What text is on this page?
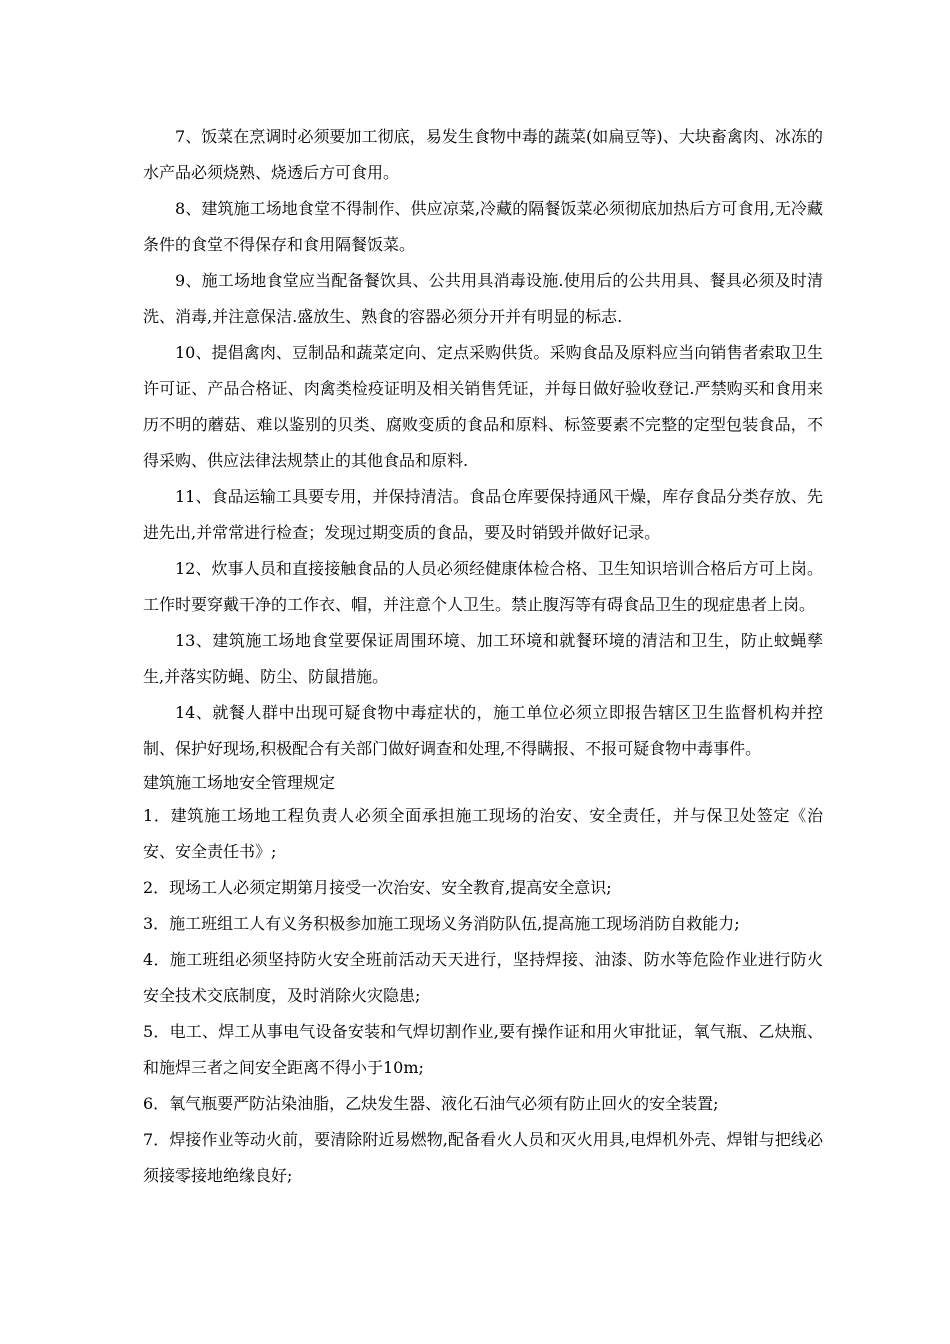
7、饭菜在烹调时必须要加工彻底，易发生食物中毒的蔬菜(如扁豆等)、大块畜禽肉、冰冻的水产品必须烧熟、烧透后方可食用。

8、建筑施工场地食堂不得制作、供应凉菜,冷藏的隔餐饭菜必须彻底加热后方可食用,无冷藏条件的食堂不得保存和食用隔餐饭菜。

9、施工场地食堂应当配备餐饮具、公共用具消毒设施.使用后的公共用具、餐具必须及时清洗、消毒,并注意保洁.盛放生、熟食的容器必须分开并有明显的标志.

10、提倡禽肉、豆制品和蔬菜定向、定点采购供货。采购食品及原料应当向销售者索取卫生许可证、产品合格证、肉禽类检疫证明及相关销售凭证，并每日做好验收登记.严禁购买和食用来历不明的蘑菇、难以鉴别的贝类、腐败变质的食品和原料、标签要素不完整的定型包装食品，不得采购、供应法律法规禁止的其他食品和原料.

11、食品运输工具要专用，并保持清洁。食品仓库要保持通风干燥，库存食品分类存放、先进先出,并常常进行检查；发现过期变质的食品，要及时销毁并做好记录。

12、炊事人员和直接接触食品的人员必须经健康体检合格、卫生知识培训合格后方可上岗。工作时要穿戴干净的工作衣、帽，并注意个人卫生。禁止腹泻等有碍食品卫生的现症患者上岗。

13、建筑施工场地食堂要保证周围环境、加工环境和就餐环境的清洁和卫生，防止蚊蝇孳生,并落实防蝇、防尘、防鼠措施。

14、就餐人群中出现可疑食物中毒症状的，施工单位必须立即报告辖区卫生监督机构并控制、保护好现场,积极配合有关部门做好调查和处理,不得瞒报、不报可疑食物中毒事件。

建筑施工场地安全管理规定

1．建筑施工场地工程负责人必须全面承担施工现场的治安、安全责任，并与保卫处签定《治安、安全责任书》;

2．现场工人必须定期第月接受一次治安、安全教育,提高安全意识;

3．施工班组工人有义务积极参加施工现场义务消防队伍,提高施工现场消防自救能力;

4．施工班组必须坚持防火安全班前活动天天进行，坚持焊接、油漆、防水等危险作业进行防火安全技术交底制度，及时消除火灾隐患;

5．电工、焊工从事电气设备安装和气焊切割作业,要有操作证和用火审批证，氧气瓶、乙炔瓶、和施焊三者之间安全距离不得小于10m;

6．氧气瓶要严防沾染油脂，乙炔发生器、液化石油气必须有防止回火的安全装置;

7．焊接作业等动火前，要清除附近易燃物,配备看火人员和灭火用具,电焊机外壳、焊钳与把线必须接零接地绝缘良好;
